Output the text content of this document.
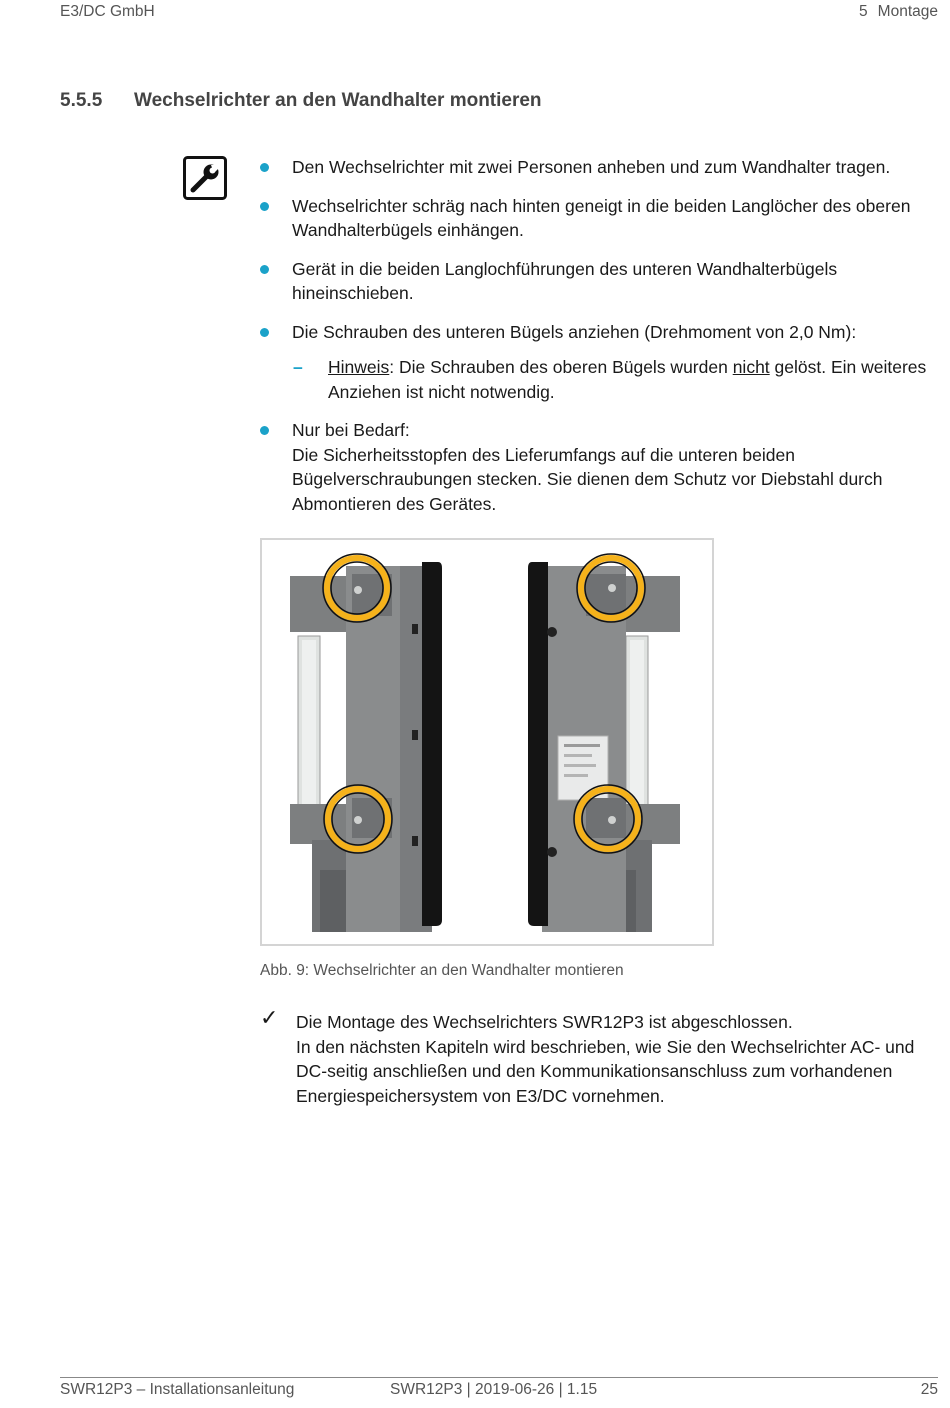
E3/DC GmbH	5 Montage
5.5.5 Wechselrichter an den Wandhalter montieren
Den Wechselrichter mit zwei Personen anheben und zum Wandhalter tragen.
Wechselrichter schräg nach hinten geneigt in die beiden Langlöcher des oberen Wandhalterbügels einhängen.
Gerät in die beiden Langlochführungen des unteren Wandhalterbügels hineinschieben.
Die Schrauben des unteren Bügels anziehen (Drehmoment von 2,0 Nm):
– Hinweis: Die Schrauben des oberen Bügels wurden nicht gelöst. Ein weiteres Anziehen ist nicht notwendig.
Nur bei Bedarf:
Die Sicherheitsstopfen des Lieferumfangs auf die unteren beiden Bügelverschraubungen stecken. Sie dienen dem Schutz vor Diebstahl durch Abmontieren des Gerätes.
Abb. 9: Wechselrichter an den Wandhalter montieren
✓ Die Montage des Wechselrichters SWR12P3 ist abgeschlossen.
In den nächsten Kapiteln wird beschrieben, wie Sie den Wechselrichter AC- und DC-seitig anschließen und den Kommunikationsanschluss zum vorhandenen Energiespeichersystem von E3/DC vornehmen.
SWR12P3 – Installationsanleitung	SWR12P3 | 2019-06-26 | 1.15	25
